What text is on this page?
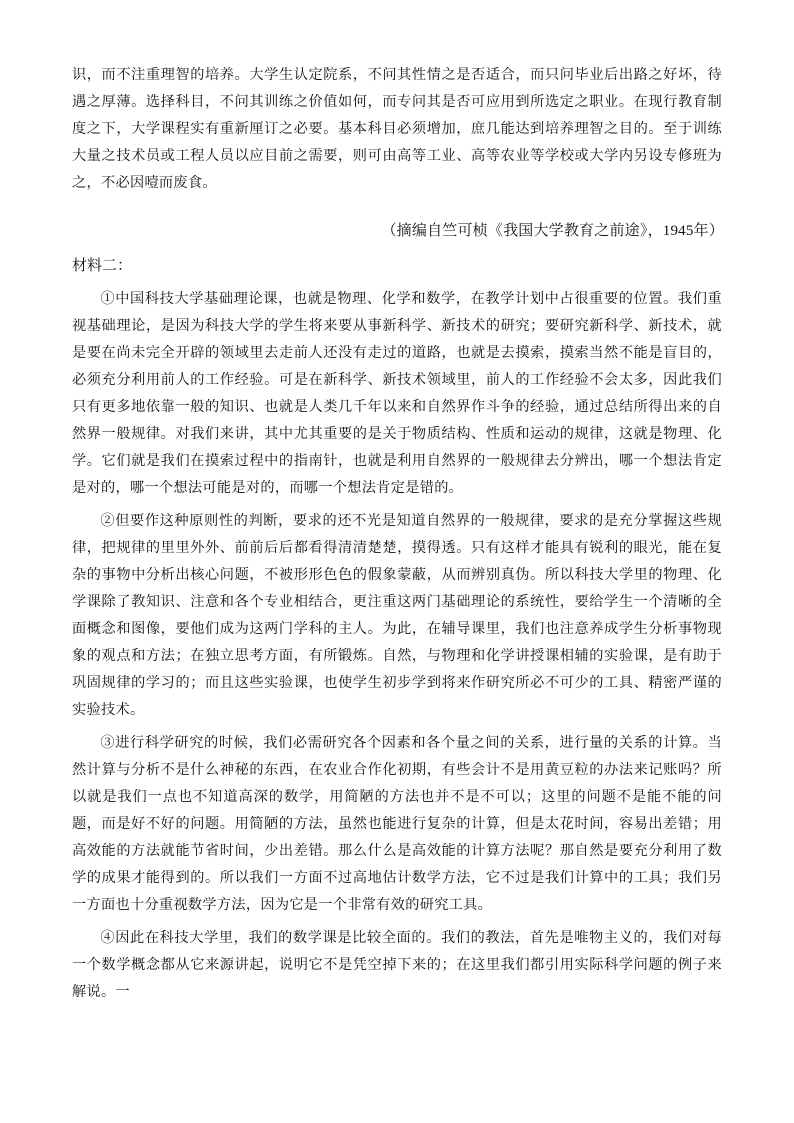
识，而不注重理智的培养。大学生认定院系，不问其性情之是否适合，而只问毕业后出路之好坏，待遇之厚薄。选择科目，不问其训练之价值如何，而专问其是否可应用到所选定之职业。在现行教育制度之下，大学课程实有重新厘订之必要。基本科目必须增加，庶几能达到培养理智之目的。至于训练大量之技术员或工程人员以应目前之需要，则可由高等工业、高等农业等学校或大学内另设专修班为之，不必因噎而废食。

（摘编自竺可桢《我国大学教育之前途》，1945年）
材料二：

①中国科技大学基础理论课，也就是物理、化学和数学，在教学计划中占很重要的位置。我们重视基础理论，是因为科技大学的学生将来要从事新科学、新技术的研究；要研究新科学、新技术，就是要在尚未完全开辟的领域里去走前人还没有走过的道路，也就是去摸索，摸索当然不能是盲目的，必须充分利用前人的工作经验。可是在新科学、新技术领域里，前人的工作经验不会太多，因此我们只有更多地依靠一般的知识、也就是人类几千年以来和自然界作斗争的经验，通过总结所得出来的自然界一般规律。对我们来讲，其中尤其重要的是关于物质结构、性质和运动的规律，这就是物理、化学。它们就是我们在摸索过程中的指南针，也就是利用自然界的一般规律去分辨出，哪一个想法肯定是对的，哪一个想法可能是对的，而哪一个想法肯定是错的。

②但要作这种原则性的判断，要求的还不光是知道自然界的一般规律，要求的是充分掌握这些规律，把规律的里里外外、前前后后都看得清清楚楚，摸得透。只有这样才能具有锐利的眼光，能在复杂的事物中分析出核心问题，不被形形色色的假象蒙蔽，从而辨别真伪。所以科技大学里的物理、化学课除了教知识、注意和各个专业相结合，更注重这两门基础理论的系统性，要给学生一个清晰的全面概念和图像，要他们成为这两门学科的主人。为此，在辅导课里，我们也注意养成学生分析事物现象的观点和方法；在独立思考方面，有所锻炼。自然，与物理和化学讲授课相辅的实验课，是有助于巩固规律的学习的；而且这些实验课，也使学生初步学到将来作研究所必不可少的工具、精密严谨的实验技术。

③进行科学研究的时候，我们必需研究各个因素和各个量之间的关系，进行量的关系的计算。当然计算与分析不是什么神秘的东西，在农业合作化初期，有些会计不是用黄豆粒的办法来记账吗？所以就是我们一点也不知道高深的数学，用简陋的方法也并不是不可以；这里的问题不是能不能的问题，而是好不好的问题。用简陋的方法，虽然也能进行复杂的计算，但是太花时间，容易出差错；用高效能的方法就能节省时间，少出差错。那么什么是高效能的计算方法呢？那自然是要充分利用了数学的成果才能得到的。所以我们一方面不过高地估计数学方法，它不过是我们计算中的工具；我们另一方面也十分重视数学方法，因为它是一个非常有效的研究工具。

④因此在科技大学里，我们的数学课是比较全面的。我们的教法，首先是唯物主义的，我们对每一个数学概念都从它来源讲起，说明它不是凭空掉下来的；在这里我们都引用实际科学问题的例子来解说。一
